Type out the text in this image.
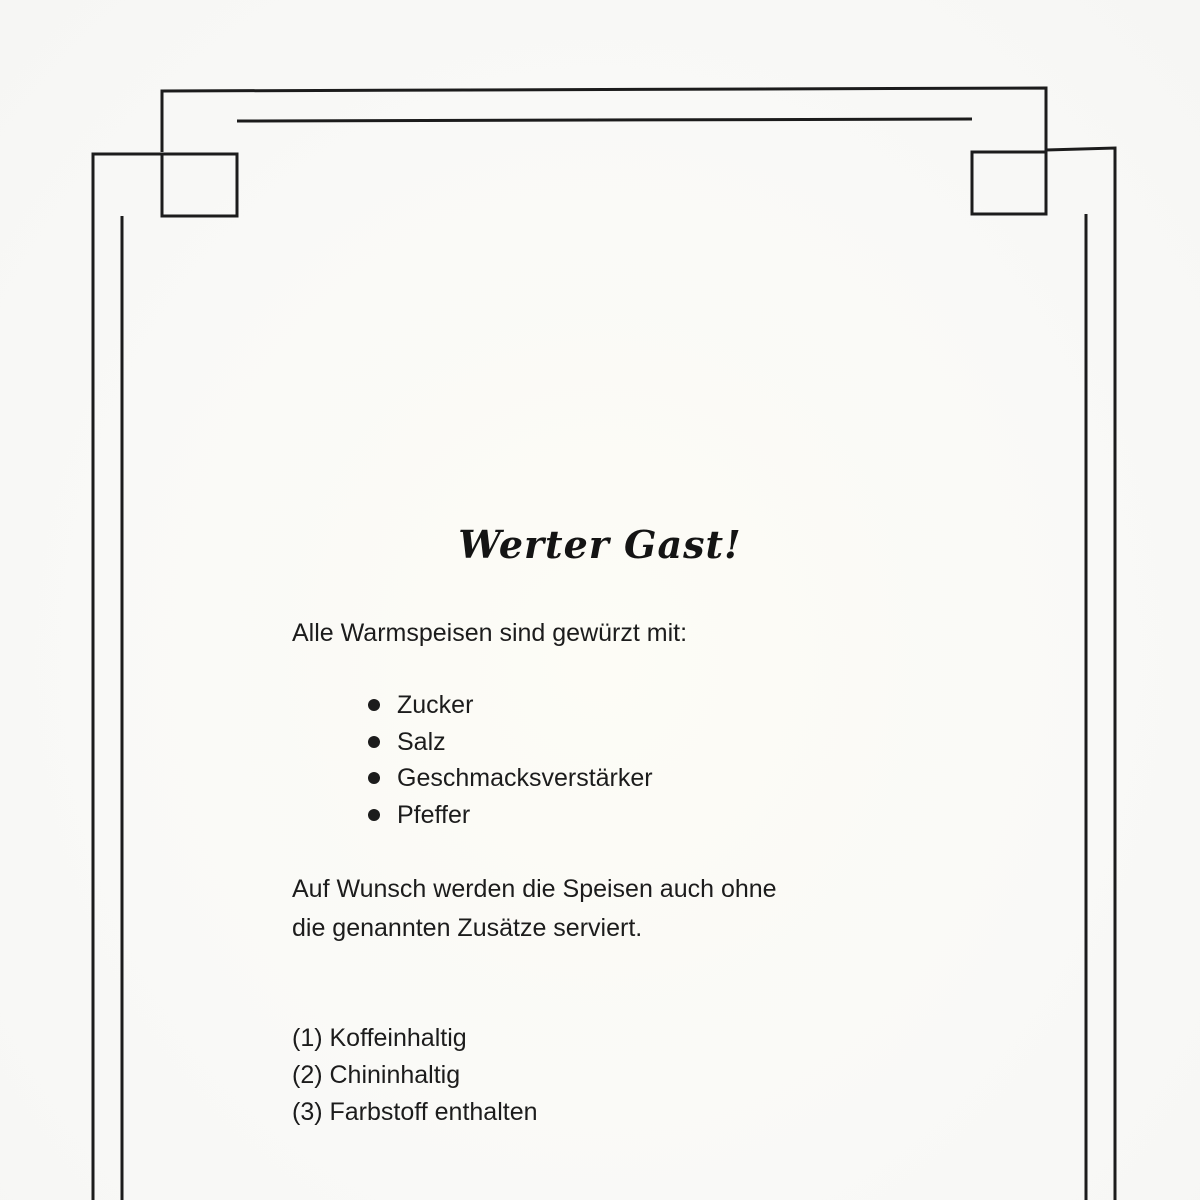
Werter Gast!
Alle Warmspeisen sind gewürzt mit:
Zucker
Salz
Geschmacksverstärker
Pfeffer
Auf Wunsch werden die Speisen auch ohne
die genannten Zusätze serviert.
(1) Koffeinhaltig
(2) Chininhaltig
(3) Farbstoff enthalten
